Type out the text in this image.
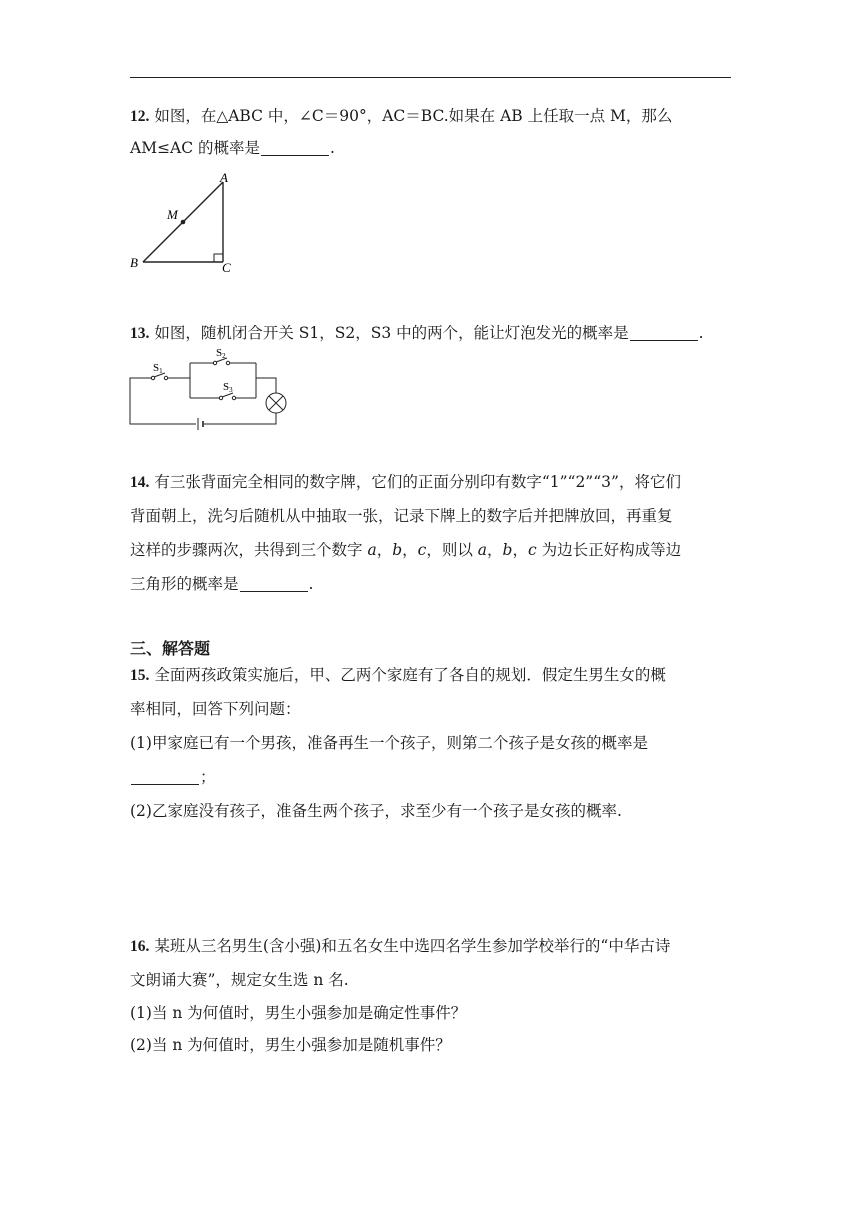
12. 如图，在△ABC 中，∠C＝90°，AC＝BC.如果在 AB 上任取一点 M，那么
AM≤AC 的概率是	.
A
B	C
M
13. 如图，随机闭合开关 S1，S2，S3 中的两个，能让灯泡发光的概率是	.
S1
S2
S3
14. 有三张背面完全相同的数字牌，它们的正面分别印有数字“1”“2”“3”，将它们
背面朝上，洗匀后随机从中抽取一张，记录下牌上的数字后并把牌放回，再重复
这样的步骤两次，共得到三个数字 a，b，c，则以 a，b，c 为边长正好构成等边
三角形的概率是	.
三、解答题
15. 全面两孩政策实施后，甲、乙两个家庭有了各自的规划．假定生男生女的概
率相同，回答下列问题：
(1)甲家庭已有一个男孩，准备再生一个孩子，则第二个孩子是女孩的概率是
；
(2)乙家庭没有孩子，准备生两个孩子，求至少有一个孩子是女孩的概率.
16. 某班从三名男生(含小强)和五名女生中选四名学生参加学校举行的“中华古诗
文朗诵大赛”，规定女生选 n 名.
(1)当 n 为何值时，男生小强参加是确定性事件？
(2)当 n 为何值时，男生小强参加是随机事件？
